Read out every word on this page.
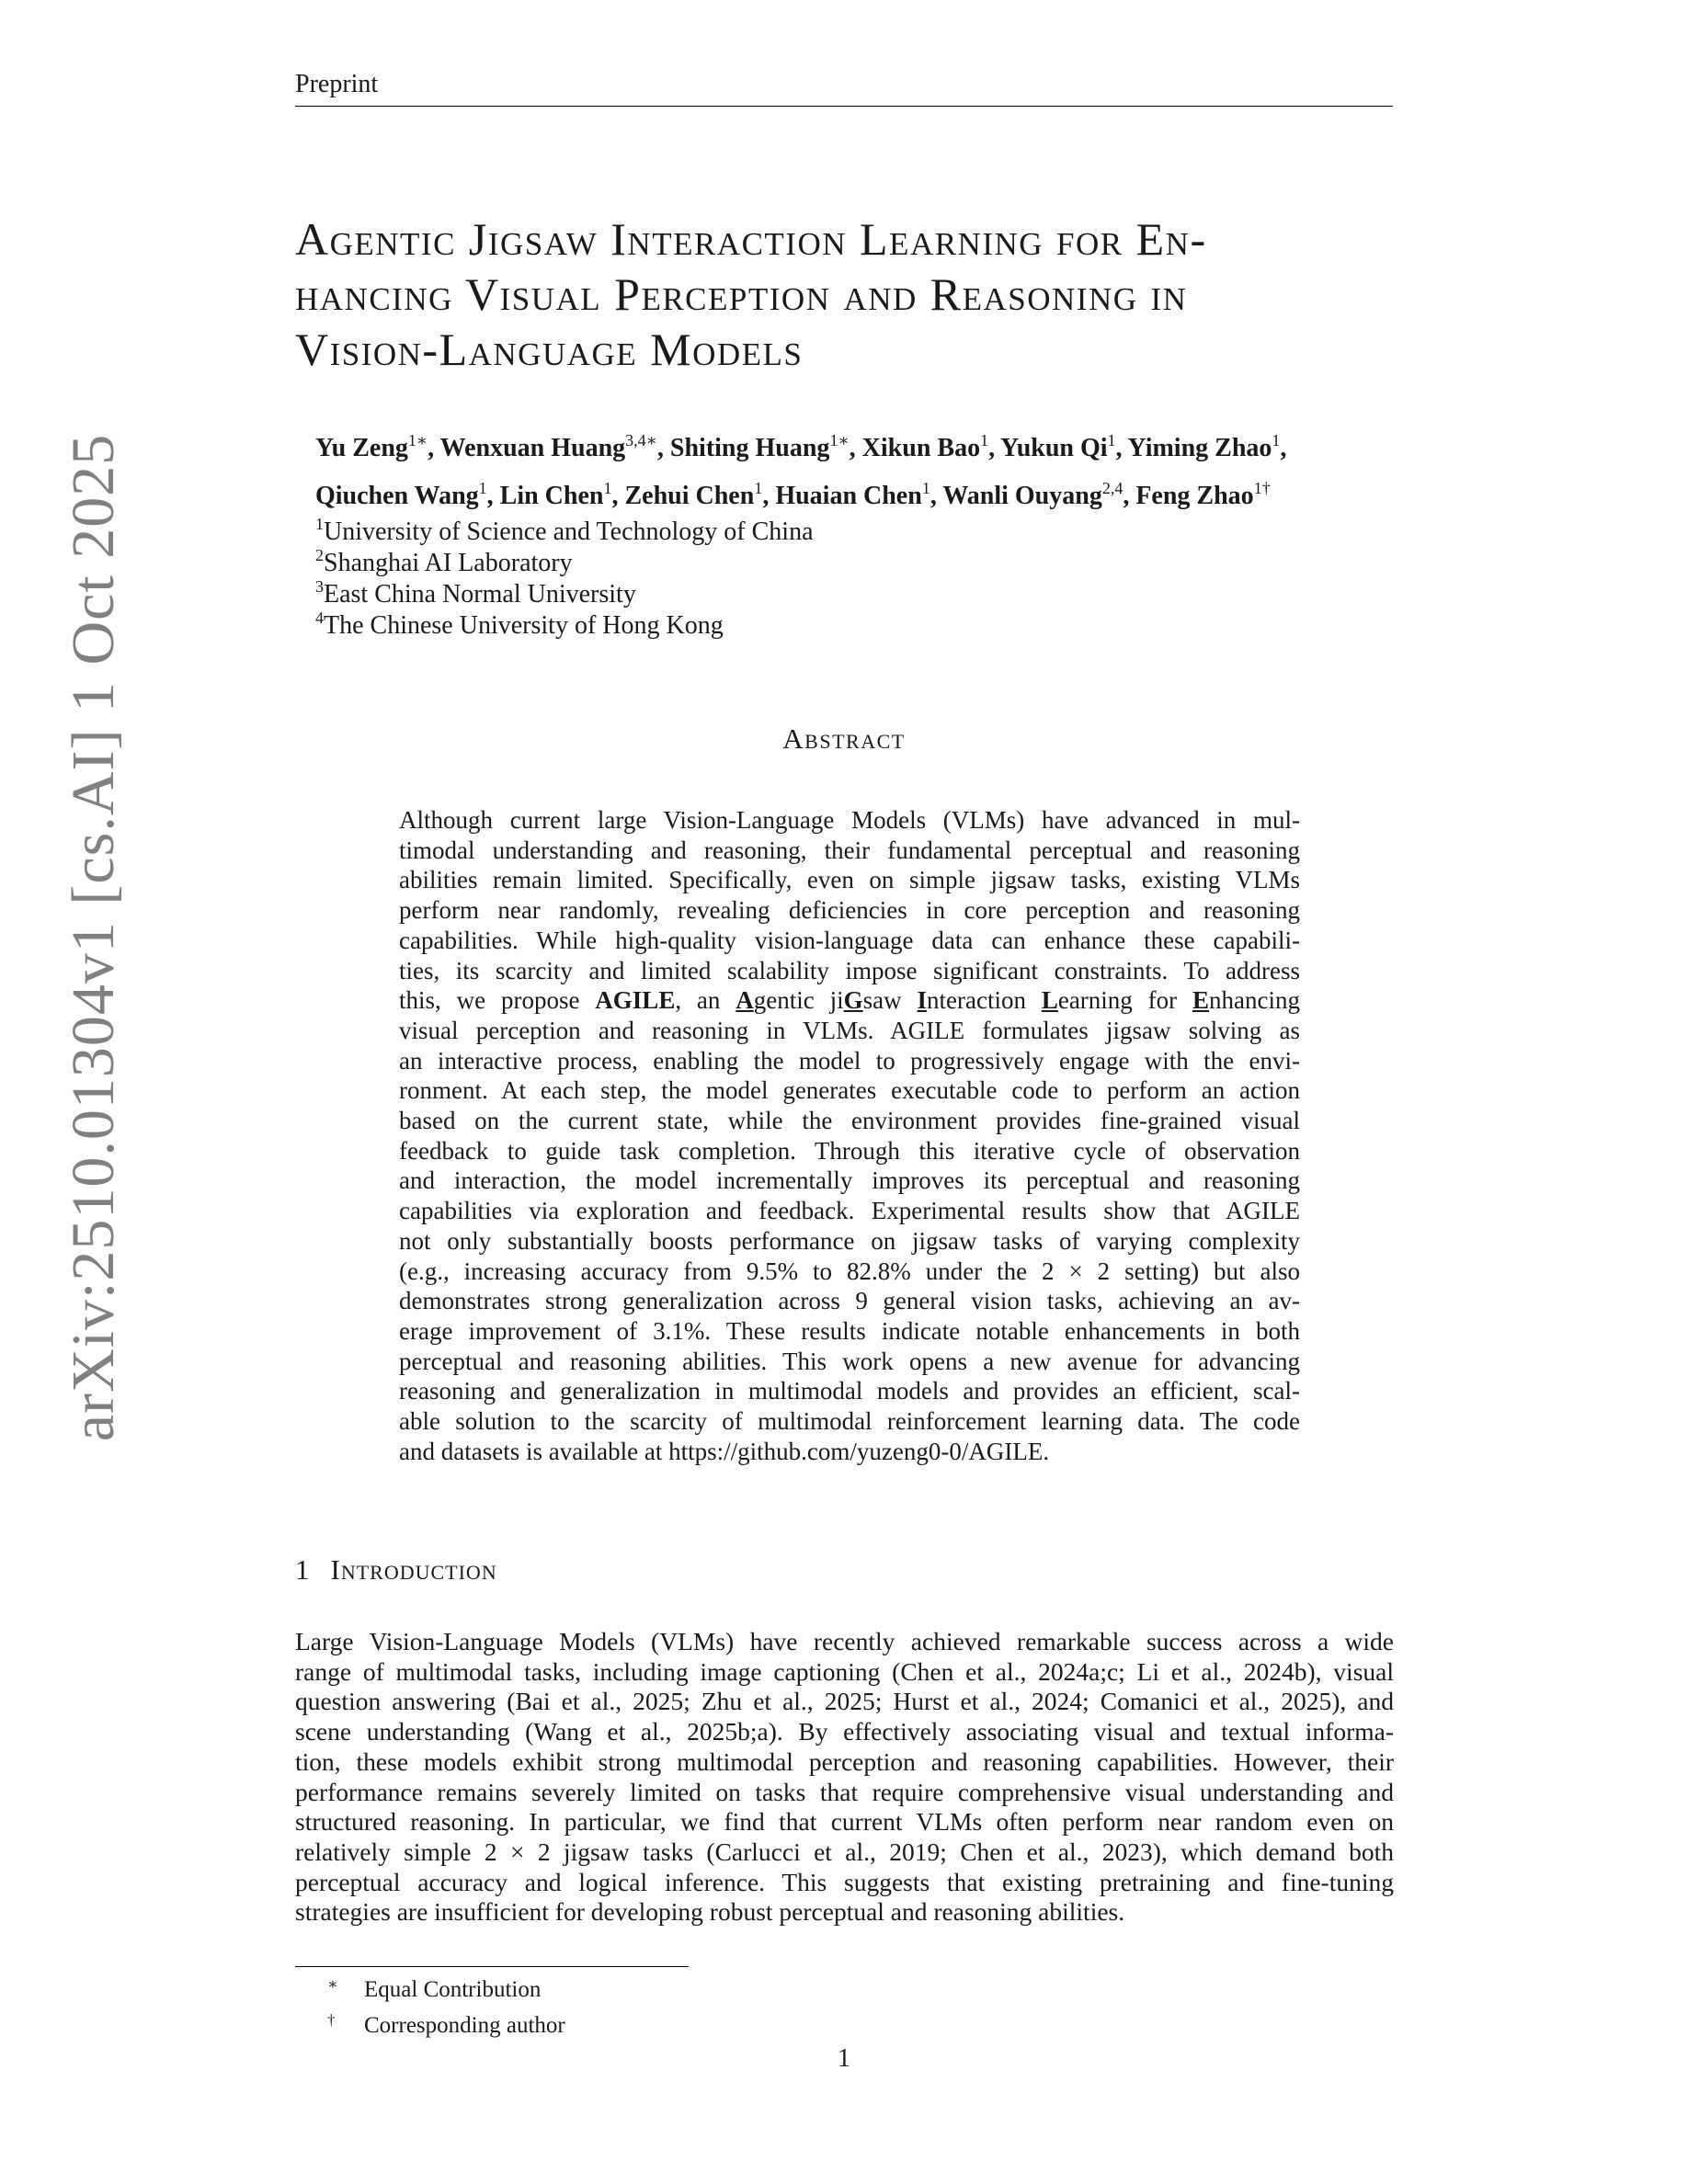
Preprint
Agentic Jigsaw Interaction Learning for En-
hancing Visual Perception and Reasoning in
Vision-Language Models
Yu Zeng$^{1∗}$, Wenxuan Huang$^{3,4∗}$, Shiting Huang$^{1∗}$, Xikun Bao$^1$, Yukun Qi$^1$, Yiming Zhao$^1$,
Qiuchen Wang$^1$, Lin Chen$^1$, Zehui Chen$^1$, Huaian Chen$^1$, Wanli Ouyang$^{2,4}$, Feng Zhao$^{1\dagger}$
$^1$University of Science and Technology of China
$^2$Shanghai AI Laboratory
$^3$East China Normal University
$^4$The Chinese University of Hong Kong
Abstract
Although current large Vision-Language Models (VLMs) have advanced in mul-
timodal understanding and reasoning, their fundamental perceptual and reasoning
abilities remain limited. Specifically, even on simple jigsaw tasks, existing VLMs
perform near randomly, revealing deficiencies in core perception and reasoning
capabilities. While high-quality vision-language data can enhance these capabili-
ties, its scarcity and limited scalability impose significant constraints. To address
this, we propose AGILE, an Agentic jiGsaw Interaction Learning for Enhancing
visual perception and reasoning in VLMs. AGILE formulates jigsaw solving as
an interactive process, enabling the model to progressively engage with the envi-
ronment. At each step, the model generates executable code to perform an action
based on the current state, while the environment provides fine-grained visual
feedback to guide task completion. Through this iterative cycle of observation
and interaction, the model incrementally improves its perceptual and reasoning
capabilities via exploration and feedback. Experimental results show that AGILE
not only substantially boosts performance on jigsaw tasks of varying complexity
(e.g., increasing accuracy from 9.5% to 82.8% under the 2 × 2 setting) but also
demonstrates strong generalization across 9 general vision tasks, achieving an av-
erage improvement of 3.1%. These results indicate notable enhancements in both
perceptual and reasoning abilities. This work opens a new avenue for advancing
reasoning and generalization in multimodal models and provides an efficient, scal-
able solution to the scarcity of multimodal reinforcement learning data. The code
and datasets is available at https://github.com/yuzeng0-0/AGILE.
arXiv:2510.01304v1 [cs.AI] 1 Oct 2025
1 Introduction
Large Vision-Language Models (VLMs) have recently achieved remarkable success across a wide
range of multimodal tasks, including image captioning (Chen et al., 2024a;c; Li et al., 2024b), visual
question answering (Bai et al., 2025; Zhu et al., 2025; Hurst et al., 2024; Comanici et al., 2025), and
scene understanding (Wang et al., 2025b;a). By effectively associating visual and textual informa-
tion, these models exhibit strong multimodal perception and reasoning capabilities. However, their
performance remains severely limited on tasks that require comprehensive visual understanding and
structured reasoning. In particular, we find that current VLMs often perform near random even on
relatively simple 2 × 2 jigsaw tasks (Carlucci et al., 2019; Chen et al., 2023), which demand both
perceptual accuracy and logical inference. This suggests that existing pretraining and fine-tuning
strategies are insufficient for developing robust perceptual and reasoning abilities.
∗ Equal Contribution
† Corresponding author
1
